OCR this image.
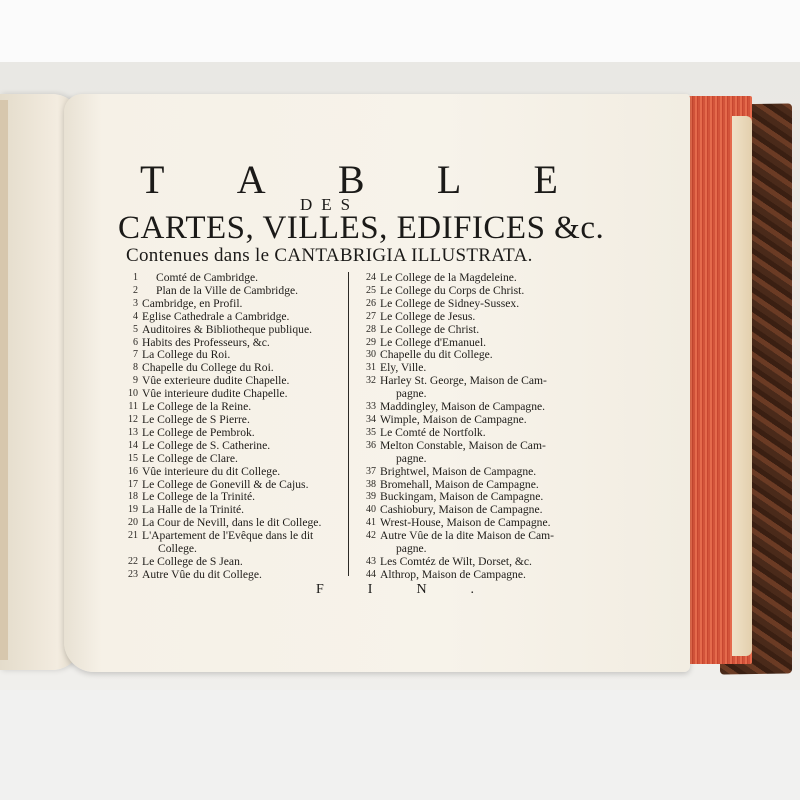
T A B L E
DES
CARTES, VILLES, EDIFICES &c.
Contenues dans le CANTABRIGIA ILLUSTRATA.
1	Comté de Cambridge.
2	Plan de la Ville de Cambridge.
3 Cambridge, en Profil.
4 Eglise Cathedrale a Cambridge.
5 Auditoires & Bibliotheque publique.
6 Habits des Professeurs, &c.
7 La College du Roi.
8 Chapelle du College du Roi.
9 Vûe exterieure dudite Chapelle.
10 Vûe interieure dudite Chapelle.
11 Le College de la Reine.
12 Le College de S Pierre.
13 Le College de Pembrok.
14 Le College de S. Catherine.
15 Le College de Clare.
16 Vûe interieure du dit College.
17 Le College de Gonevill & de Cajus.
18 Le College de la Trinité.
19 La Halle de la Trinité.
20 La Cour de Nevill, dans le dit College.
21 L'Apartement de l'Evêque dans le dit
College.
22 Le College de S Jean.
23 Autre Vûe du dit College.
24 Le College de la Magdeleine.
25 Le College du Corps de Christ.
26 Le College de Sidney-Sussex.
27 Le College de Jesus.
28 Le College de Christ.
29 Le College d'Emanuel.
30 Chapelle du dit College.
31 Ely, Ville.
32 Harley St. George, Maison de Cam-
pagne.
33 Maddingley, Maison de Campagne.
34 Wimple, Maison de Campagne.
35 Le Comté de Nortfolk.
36 Melton Constable, Maison de Cam-
pagne.
37 Brightwel, Maison de Campagne.
38 Bromehall, Maison de Campagne.
39 Buckingam, Maison de Campagne.
40 Cashiobury, Maison de Campagne.
41 Wrest-House, Maison de Campagne.
42 Autre Vûe de la dite Maison de Cam-
pagne.
43 Les Comtéz de Wilt, Dorset, &c.
44 Althrop, Maison de Campagne.
FIN.
